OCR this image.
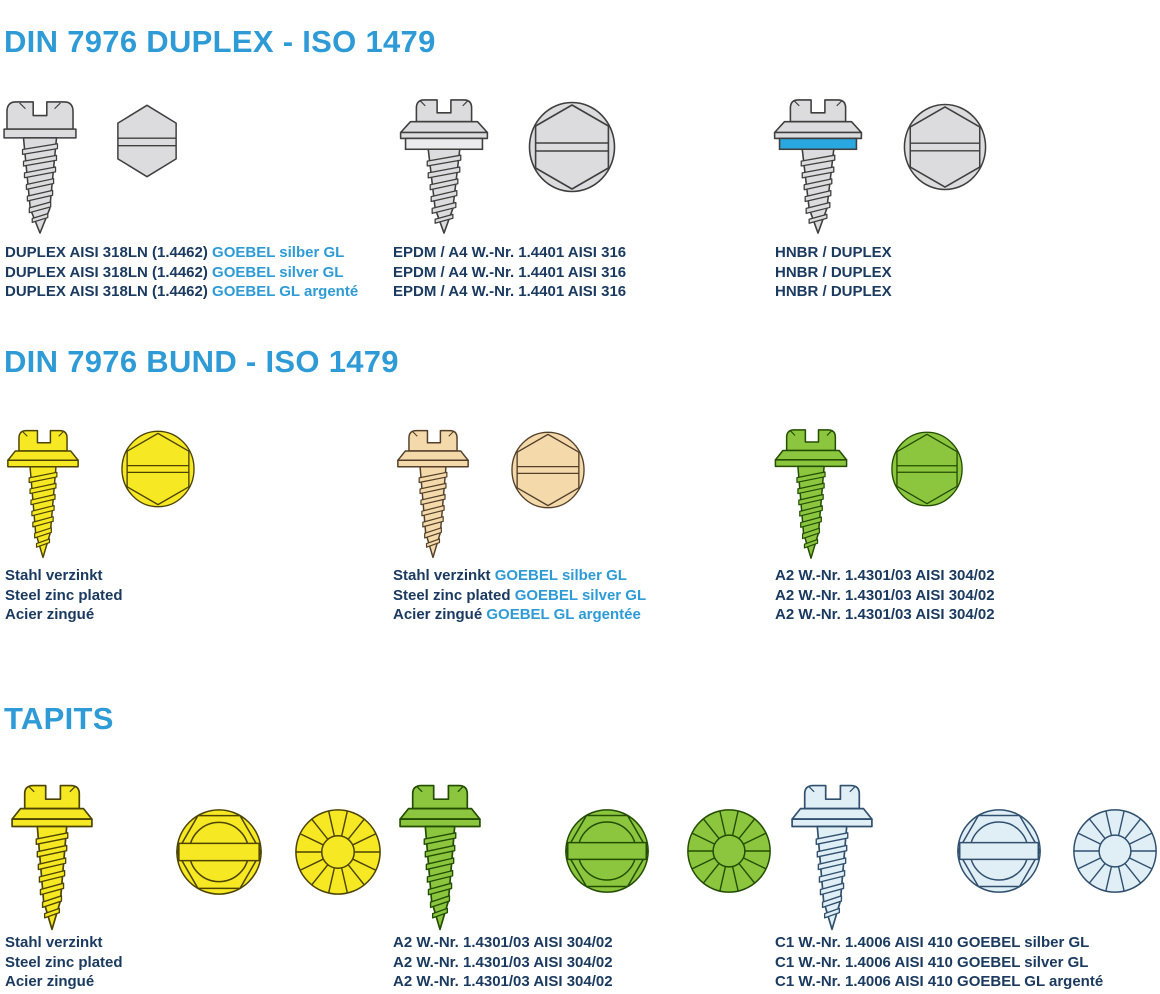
DIN 7976 DUPLEX - ISO 1479
DUPLEX AISI 318LN (1.4462) GOEBEL silber GL
DUPLEX AISI 318LN (1.4462) GOEBEL silver GL
DUPLEX AISI 318LN (1.4462) GOEBEL GL argenté
EPDM / A4 W.-Nr. 1.4401 AISI 316
EPDM / A4 W.-Nr. 1.4401 AISI 316
EPDM / A4 W.-Nr. 1.4401 AISI 316
HNBR / DUPLEX
HNBR / DUPLEX
HNBR / DUPLEX
DIN 7976 BUND - ISO 1479
Stahl verzinkt
Steel zinc plated
Acier zingué
Stahl verzinkt GOEBEL silber GL
Steel zinc plated GOEBEL silver GL
Acier zingué GOEBEL GL argentée
A2 W.-Nr. 1.4301/03 AISI 304/02
A2 W.-Nr. 1.4301/03 AISI 304/02
A2 W.-Nr. 1.4301/03 AISI 304/02
TAPITS
Stahl verzinkt
Steel zinc plated
Acier zingué
A2 W.-Nr. 1.4301/03 AISI 304/02
A2 W.-Nr. 1.4301/03 AISI 304/02
A2 W.-Nr. 1.4301/03 AISI 304/02
C1 W.-Nr. 1.4006 AISI 410 GOEBEL silber GL
C1 W.-Nr. 1.4006 AISI 410 GOEBEL silver GL
C1 W.-Nr. 1.4006 AISI 410 GOEBEL GL argenté
